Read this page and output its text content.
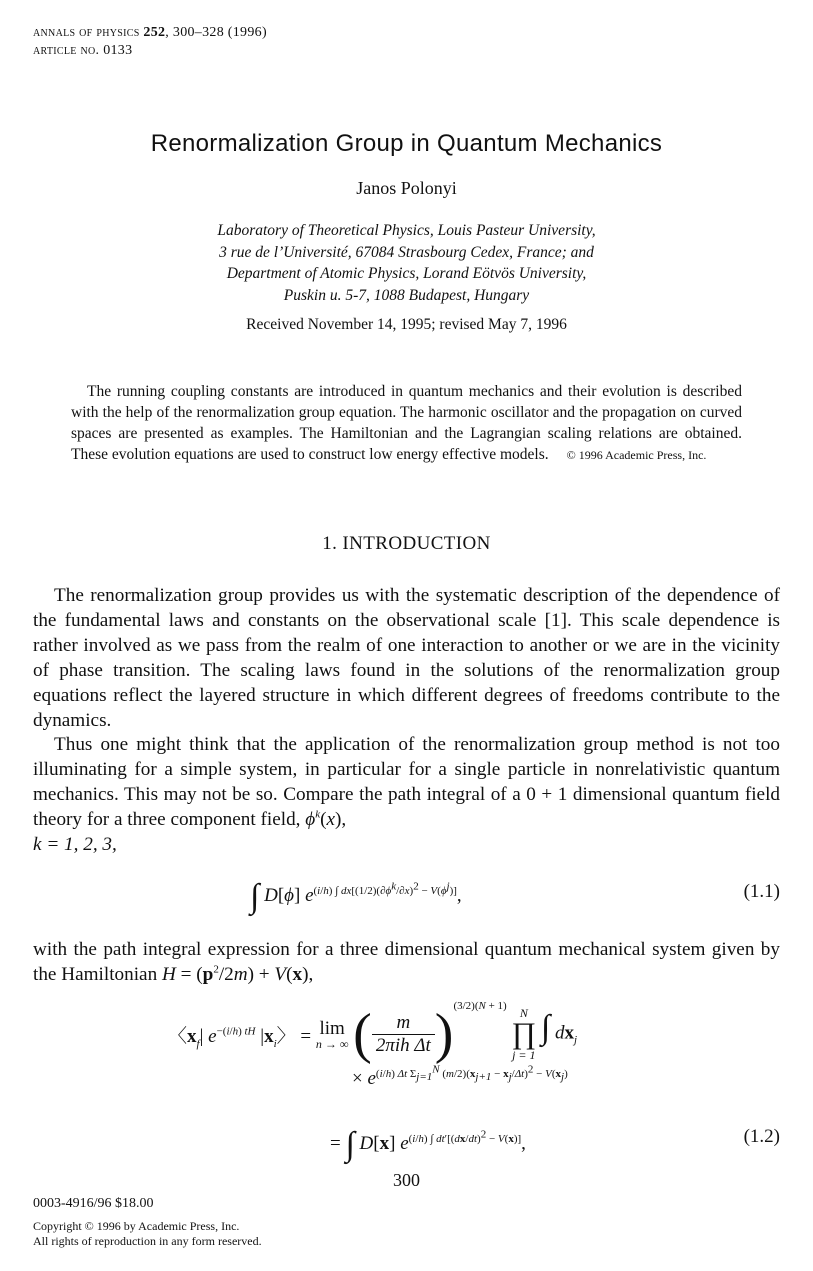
annals of physics 252, 300–328 (1996)
article no. 0133
Renormalization Group in Quantum Mechanics
Janos Polonyi
Laboratory of Theoretical Physics, Louis Pasteur University,
3 rue de l’Université, 67084 Strasbourg Cedex, France; and
Department of Atomic Physics, Lorand Eötvös University,
Puskin u. 5-7, 1088 Budapest, Hungary
Received November 14, 1995; revised May 7, 1996
The running coupling constants are introduced in quantum mechanics and their evolution is described with the help of the renormalization group equation. The harmonic oscillator and the propagation on curved spaces are presented as examples. The Hamiltonian and the Lagrangian scaling relations are obtained. These evolution equations are used to construct low energy effective models. © 1996 Academic Press, Inc.
1. INTRODUCTION

The renormalization group provides us with the systematic description of the dependence of the fundamental laws and constants on the observational scale [1]. This scale dependence is rather involved as we pass from the realm of one interaction to another or we are in the vicinity of phase transition. The scaling laws found in the solutions of the renormalization group equations reflect the layered structure in which different degrees of freedoms contribute to the dynamics.

Thus one might think that the application of the renormalization group method is not too illuminating for a simple system, in particular for a single particle in nonrelativistic quantum mechanics. This may not be so. Compare the path integral of a 0 + 1 dimensional quantum field theory for a three component field, $\phi^k(x)$,

k = 1, 2, 3,

∫ D[ϕ] $e^{(i/h) \int dx[(1/2)(\partial\phi^k/\partial x)^2 - V(\phi^j)]}$,	(1.1)

with the path integral expression for a three dimensional quantum mechanical system given by the Hamiltonian $H = (p^2/2m) + V(x)$,

〈$x_f|$ $e^{-(i/h) tH}$ $|x_i$〉 = lim
n → ∞ ( $\frac{m}{\text{2πih Δt}} )^{(3/2)(N + 1)}$	N
∏
j = 1
∫ $dx_j$
× $e^{(i/h) \Delta t \Sigma_{j=1}^N (m/2)(x_{j+1} - x_j/\Delta t)^2 - V(x_j)}$
= ∫ D[x] $e^{(i/h) \int dt'[(dx/dt)^2 - V(x)]}$,	(1.2)
300
0003-4916/96 $18.00
Copyright © 1996 by Academic Press, Inc.
All rights of reproduction in any form reserved.
